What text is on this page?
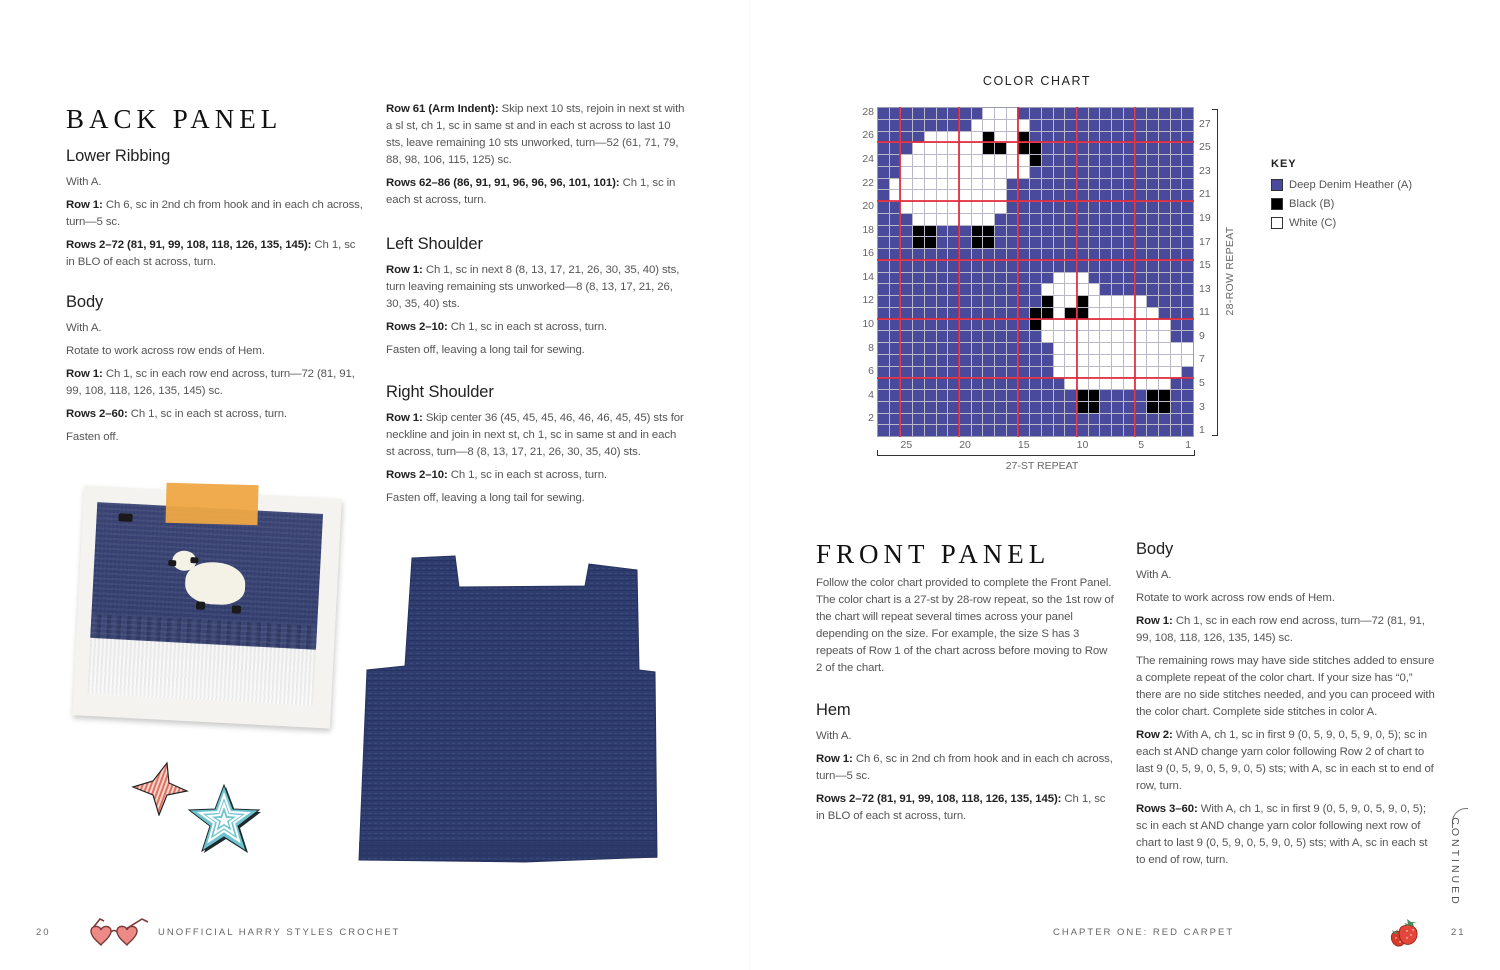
BACK PANEL
Lower Ribbing

With A.

Row 1: Ch 6, sc in 2nd ch from hook and in each ch across, turn—5 sc.

Rows 2–72 (81, 91, 99, 108, 118, 126, 135, 145): Ch 1, sc in BLO of each st across, turn.

Body

With A.

Rotate to work across row ends of Hem.

Row 1: Ch 1, sc in each row end across, turn—72 (81, 91, 99, 108, 118, 126, 135, 145) sc.

Rows 2–60: Ch 1, sc in each st across, turn.

Fasten off.

Row 61 (Arm Indent): Skip next 10 sts, rejoin in next st with a sl st, ch 1, sc in same st and in each st across to last 10 sts, leave remaining 10 sts unworked, turn—52 (61, 71, 79, 88, 98, 106, 115, 125) sc.

Rows 62–86 (86, 91, 91, 96, 96, 96, 101, 101): Ch 1, sc in each st across, turn.

Left Shoulder

Row 1: Ch 1, sc in next 8 (8, 13, 17, 21, 26, 30, 35, 40) sts, turn leaving remaining sts unworked—8 (8, 13, 17, 21, 26, 30, 35, 40) sts.

Rows 2–10: Ch 1, sc in each st across, turn.

Fasten off, leaving a long tail for sewing.

Right Shoulder

Row 1: Skip center 36 (45, 45, 45, 46, 46, 46, 45, 45) sts for neckline and join in next st, ch 1, sc in same st and in each st across, turn—8 (8, 13, 17, 21, 26, 30, 35, 40) sts.

Rows 2–10: Ch 1, sc in each st across, turn.

Fasten off, leaving a long tail for sewing.

20	UNOFFICIAL HARRY STYLES CROCHET
COLOR CHART
28
26
24
22
20
18
16
14
12
10
8
6
4
2
27
25
23
21
19
17
15
13
11
9
7
5
3
1
25	20	15	10	5	1
28-ROW REPEAT
27-ST REPEAT
KEY
Deep Denim Heather (A)
Black (B)
White (C)
FRONT PANEL

Follow the color chart provided to complete the Front Panel. The color chart is a 27-st by 28-row repeat, so the 1st row of the chart will repeat several times across your panel depending on the size. For example, the size S has 3 repeats of Row 1 of the chart across before moving to Row 2 of the chart.

Hem

With A.

Row 1: Ch 6, sc in 2nd ch from hook and in each ch across, turn—5 sc.

Rows 2–72 (81, 91, 99, 108, 118, 126, 135, 145): Ch 1, sc in BLO of each st across, turn.

Body

With A.

Rotate to work across row ends of Hem.

Row 1: Ch 1, sc in each row end across, turn—72 (81, 91, 99, 108, 118, 126, 135, 145) sc.

The remaining rows may have side stitches added to ensure a complete repeat of the color chart. If your size has “0,” there are no side stitches needed, and you can proceed with the color chart. Complete side stitches in color A.

Row 2: With A, ch 1, sc in first 9 (0, 5, 9, 0, 5, 9, 0, 5); sc in each st AND change yarn color following Row 2 of chart to last 9 (0, 5, 9, 0, 5, 9, 0, 5) sts; with A, sc in each st to end of row, turn.

Rows 3–60: With A, ch 1, sc in first 9 (0, 5, 9, 0, 5, 9, 0, 5); sc in each st AND change yarn color following next row of chart to last 9 (0, 5, 9, 0, 5, 9, 0, 5) sts; with A, sc in each st to end of row, turn.	CONTINUED
CHAPTER ONE: RED CARPET	21
